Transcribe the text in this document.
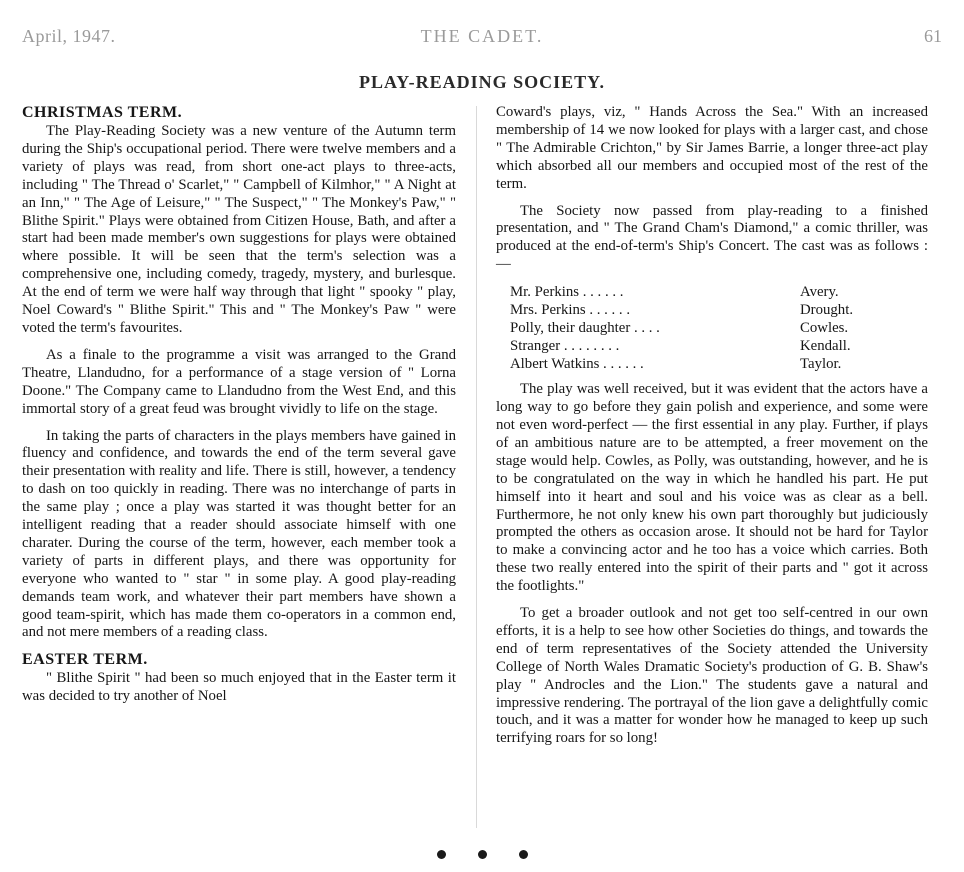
April, 1947.	THE CADET.	61
PLAY-READING SOCIETY.
CHRISTMAS TERM.

The Play-Reading Society was a new venture of the Autumn term during the Ship's occupational period. There were twelve members and a variety of plays was read, from short one-act plays to three-acts, including " The Thread o' Scarlet," " Campbell of Kilmhor," " A Night at an Inn," " The Age of Leisure," " The Suspect," " The Monkey's Paw," " Blithe Spirit." Plays were obtained from Citizen House, Bath, and after a start had been made member's own suggestions for plays were obtained where possible. It will be seen that the term's selection was a comprehensive one, including comedy, tragedy, mystery, and burlesque. At the end of term we were half way through that light " spooky " play, Noel Coward's " Blithe Spirit." This and " The Monkey's Paw " were voted the term's favourites.

As a finale to the programme a visit was arranged to the Grand Theatre, Llandudno, for a performance of a stage version of " Lorna Doone." The Company came to Llandudno from the West End, and this immortal story of a great feud was brought vividly to life on the stage.

In taking the parts of characters in the plays members have gained in fluency and confidence, and towards the end of the term several gave their presentation with reality and life. There is still, however, a tendency to dash on too quickly in reading. There was no interchange of parts in the same play ; once a play was started it was thought better for an intelligent reading that a reader should associate himself with one charater. During the course of the term, however, each member took a variety of parts in different plays, and there was opportunity for everyone who wanted to " star " in some play. A good play-reading demands team work, and whatever their part members have shown a good team-spirit, which has made them co-operators in a common end, and not mere members of a reading class.

EASTER TERM.

" Blithe Spirit " had been so much enjoyed that in the Easter term it was decided to try another of Noel

Coward's plays, viz, " Hands Across the Sea." With an increased membership of 14 we now looked for plays with a larger cast, and chose " The Admirable Crichton," by Sir James Barrie, a longer three-act play which absorbed all our members and occupied most of the rest of the term.

The Society now passed from play-reading to a finished presentation, and " The Grand Cham's Diamond," a comic thriller, was produced at the end-of-term's Ship's Concert. The cast was as follows :—

Mr. Perkins . . . . . .	Avery.
Mrs. Perkins . . . . . .	Drought.
Polly, their daughter . . . .	Cowles.
Stranger . . . . . . . .	Kendall.
Albert Watkins . . . . . .	Taylor.

The play was well received, but it was evident that the actors have a long way to go before they gain polish and experience, and some were not even word-perfect — the first essential in any play. Further, if plays of an ambitious nature are to be attempted, a freer movement on the stage would help. Cowles, as Polly, was outstanding, however, and he is to be congratulated on the way in which he handled his part. He put himself into it heart and soul and his voice was as clear as a bell. Furthermore, he not only knew his own part thoroughly but judiciously prompted the others as occasion arose. It should not be hard for Taylor to make a convincing actor and he too has a voice which carries. Both these two really entered into the spirit of their parts and " got it across the footlights."

To get a broader outlook and not get too self-centred in our own efforts, it is a help to see how other Societies do things, and towards the end of term representatives of the Society attended the University College of North Wales Dramatic Society's production of G. B. Shaw's play " Androcles and the Lion." The students gave a natural and impressive rendering. The portrayal of the lion gave a delightfully comic touch, and it was a matter for wonder how he managed to keep up such terrifying roars for so long!
